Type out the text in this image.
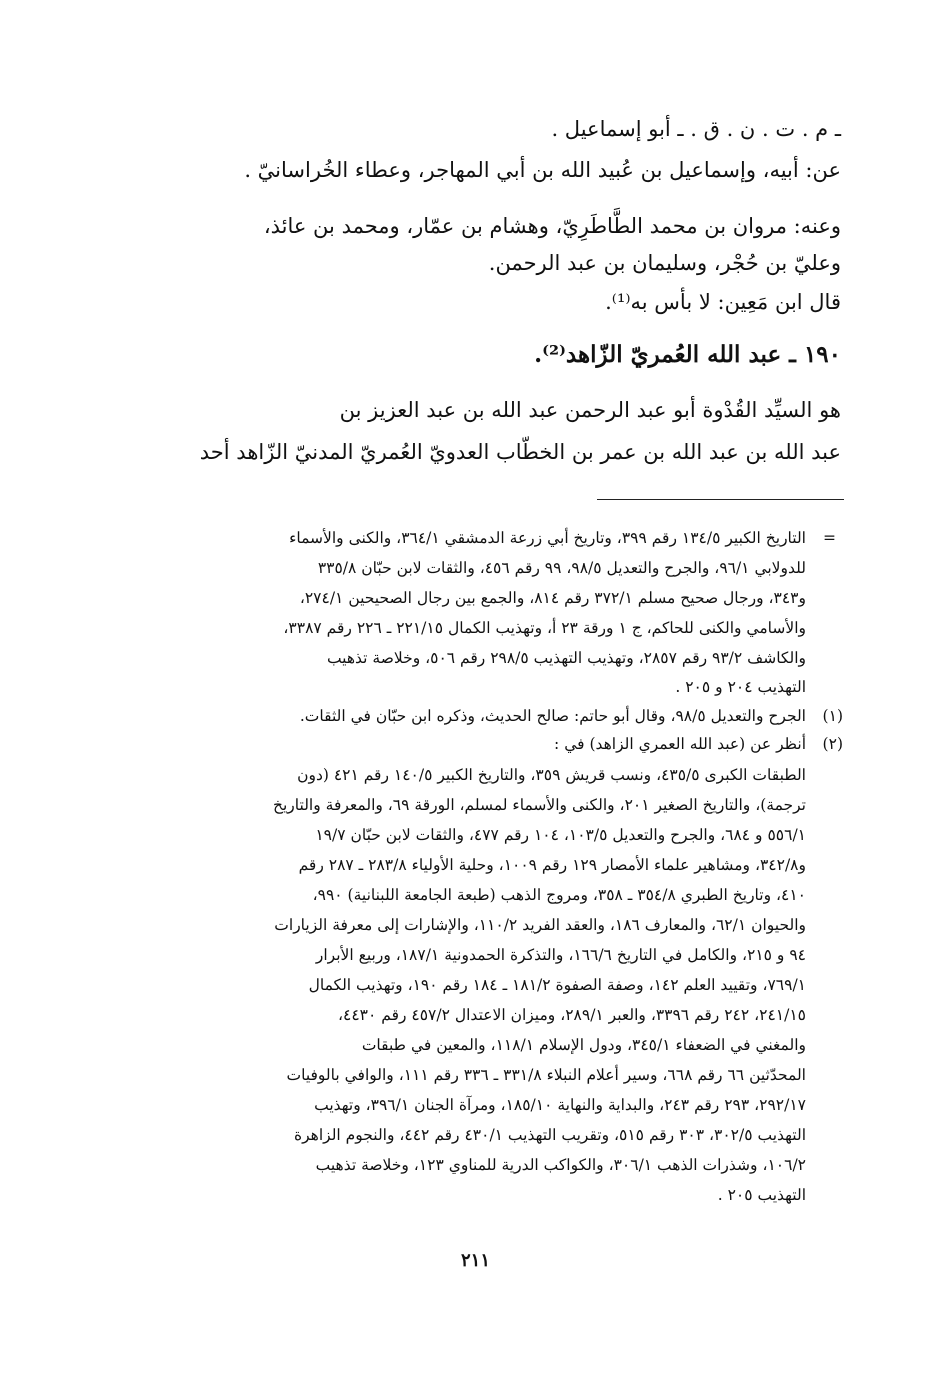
ـ م . ت . ن . ق . ـ أبو إسماعيل .
عن: أبيه، وإسماعيل بن عُبيد الله بن أبي المهاجر، وعطاء الخُراسانيّ .
وعنه: مروان بن محمد الطَّاطَرِيّ، وهشام بن عمّار، ومحمد بن عائذ،
وعليّ بن حُجْر، وسليمان بن عبد الرحمن.
قال ابن مَعِين: لا بأس به⁽¹⁾.
١٩٠ ـ عبد الله العُمريّ الزّاهد⁽²⁾.
هو السيِّد القُدْوة أبو عبد الرحمن عبد الله بن عبد العزيز بن
عبد الله بن عبد الله بن عمر بن الخطّاب العدويّ العُمريّ المدنيّ الزّاهد أحد
=
التاريخ الكبير ١٣٤/٥ رقم ٣٩٩، وتاريخ أبي زرعة الدمشقي ٣٦٤/١، والكنى والأسماء
للدولابي ٩٦/١، والجرح والتعديل ٩٨/٥، ٩٩ رقم ٤٥٦، والثقات لابن حبّان ٣٣٥/٨
و٣٤٣، ورجال صحيح مسلم ٣٧٢/١ رقم ٨١٤، والجمع بين رجال الصحيحين ٢٧٤/١،
والأسامي والكنى للحاكم، ج ١ ورقة ٢٣ أ، وتهذيب الكمال ٢٢١/١٥ ـ ٢٢٦ رقم ٣٣٨٧،
والكاشف ٩٣/٢ رقم ٢٨٥٧، وتهذيب التهذيب ٢٩٨/٥ رقم ٥٠٦، وخلاصة تذهيب
التهذيب ٢٠٤ و ٢٠٥ .
(١)
الجرح والتعديل ٩٨/٥، وقال أبو حاتم: صالح الحديث، وذكره ابن حبّان في الثقات.
(٢)
أنظر عن (عبد الله العمري الزاهد) في :
الطبقات الكبرى ٤٣٥/٥، ونسب قريش ٣٥٩، والتاريخ الكبير ١٤٠/٥ رقم ٤٢١ (دون
ترجمة)، والتاريخ الصغير ٢٠١، والكنى والأسماء لمسلم، الورقة ٦٩، والمعرفة والتاريخ
٥٥٦/١ و ٦٨٤، والجرح والتعديل ١٠٣/٥، ١٠٤ رقم ٤٧٧، والثقات لابن حبّان ١٩/٧
و٣٤٢/٨، ومشاهير علماء الأمصار ١٢٩ رقم ١٠٠٩، وحلية الأولياء ٢٨٣/٨ ـ ٢٨٧ رقم
٤١٠، وتاريخ الطبري ٣٥٤/٨ ـ ٣٥٨، ومروج الذهب (طبعة الجامعة اللبنانية) ٩٩٠،
والحيوان ٦٢/١، والمعارف ١٨٦، والعقد الفريد ١١٠/٢، والإشارات إلى معرفة الزيارات
٩٤ و ٢١٥، والكامل في التاريخ ١٦٦/٦، والتذكرة الحمدونية ١٨٧/١، وربيع الأبرار
٧٦٩/١، وتقييد العلم ١٤٢، وصفة الصفوة ١٨١/٢ ـ ١٨٤ رقم ١٩٠، وتهذيب الكمال
٢٤١/١٥، ٢٤٢ رقم ٣٣٩٦، والعبر ٢٨٩/١، وميزان الاعتدال ٤٥٧/٢ رقم ٤٤٣٠،
والمغني في الضعفاء ٣٤٥/١، ودول الإسلام ١١٨/١، والمعين في طبقات
المحدّثين ٦٦ رقم ٦٦٨، وسير أعلام النبلاء ٣٣١/٨ ـ ٣٣٦ رقم ١١١، والوافي بالوفيات
٢٩٢/١٧، ٢٩٣ رقم ٢٤٣، والبداية والنهاية ١٨٥/١٠، ومرآة الجنان ٣٩٦/١، وتهذيب
التهذيب ٣٠٢/٥، ٣٠٣ رقم ٥١٥، وتقريب التهذيب ٤٣٠/١ رقم ٤٤٢، والنجوم الزاهرة
١٠٦/٢، وشذرات الذهب ٣٠٦/١، والكواكب الدرية للمناوي ١٢٣، وخلاصة تذهيب
التهذيب ٢٠٥ .
٢١١
